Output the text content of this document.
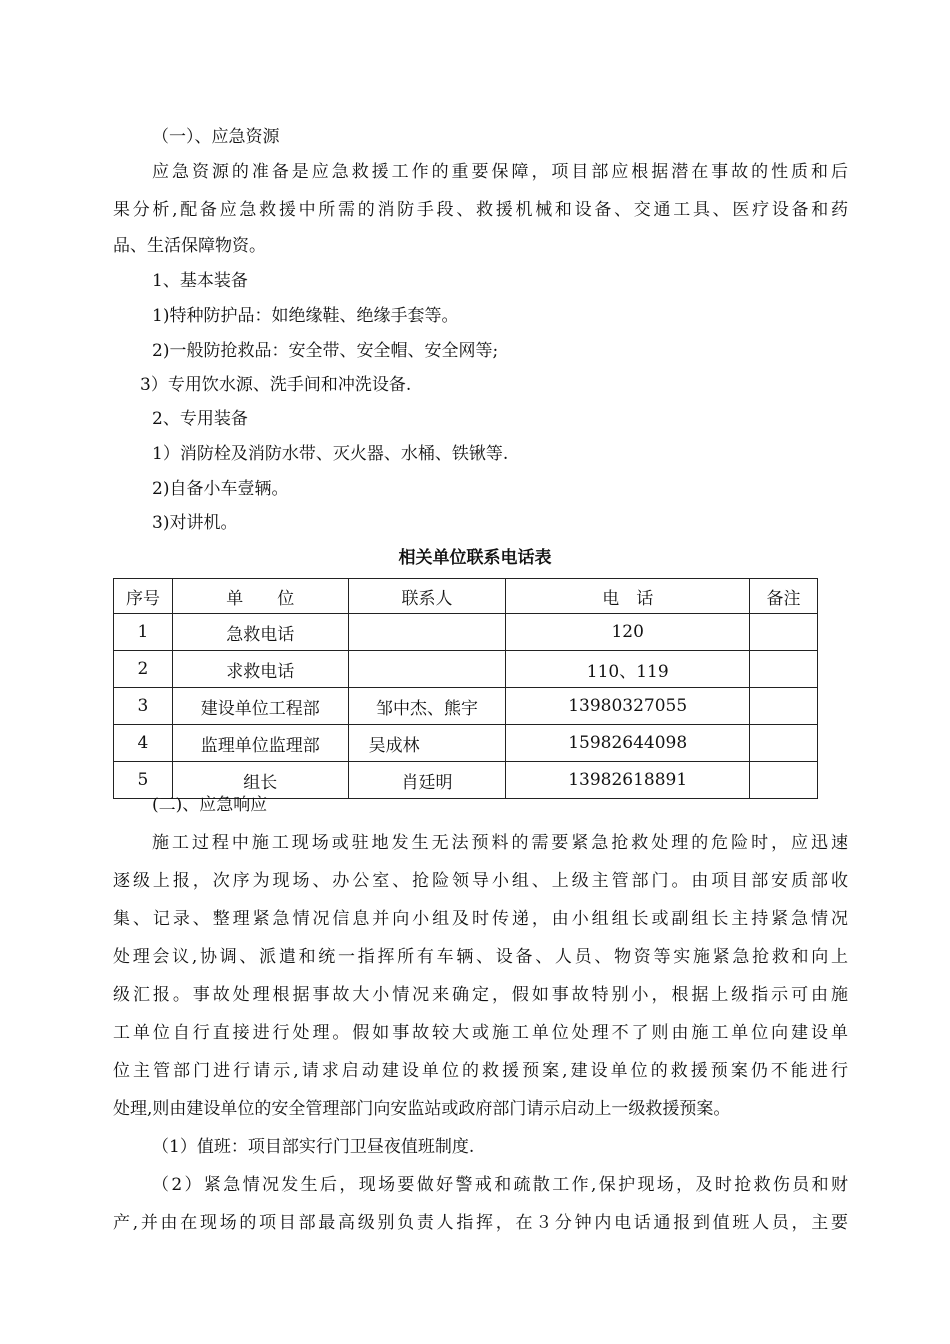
（一）、应急资源
应急资源的准备是应急救援工作的重要保障，项目部应根据潜在事故的性质和后
果分析,配备应急救援中所需的消防手段、救援机械和设备、交通工具、医疗设备和药
品、生活保障物资。
1、基本装备
1)特种防护品：如绝缘鞋、绝缘手套等。
2)一般防抢救品：安全带、安全帽、安全网等;
3）专用饮水源、洗手间和冲洗设备.
2、专用装备
1）消防栓及消防水带、灭火器、水桶、铁锹等.
2)自备小车壹辆。
3)对讲机。
相关单位联系电话表
序号	单　　位	联系人	电　话	备注
1	急救电话		120	
2	求救电话		110、119	
3	建设单位工程部	邹中杰、熊宇	13980327055	
4	监理单位监理部	吴成林	15982644098	
5	组长	肖廷明	13982618891	
(二)、应急响应
施工过程中施工现场或驻地发生无法预料的需要紧急抢救处理的危险时，应迅速
逐级上报，次序为现场、办公室、抢险领导小组、上级主管部门。由项目部安质部收
集、记录、整理紧急情况信息并向小组及时传递，由小组组长或副组长主持紧急情况
处理会议,协调、派遣和统一指挥所有车辆、设备、人员、物资等实施紧急抢救和向上
级汇报。事故处理根据事故大小情况来确定，假如事故特别小，根据上级指示可由施
工单位自行直接进行处理。假如事故较大或施工单位处理不了则由施工单位向建设单
位主管部门进行请示,请求启动建设单位的救援预案,建设单位的救援预案仍不能进行
处理,则由建设单位的安全管理部门向安监站或政府部门请示启动上一级救援预案。
（1）值班：项目部实行门卫昼夜值班制度.
（2）紧急情况发生后，现场要做好警戒和疏散工作,保护现场，及时抢救伤员和财
产,并由在现场的项目部最高级别负责人指挥，在３分钟内电话通报到值班人员，主要
